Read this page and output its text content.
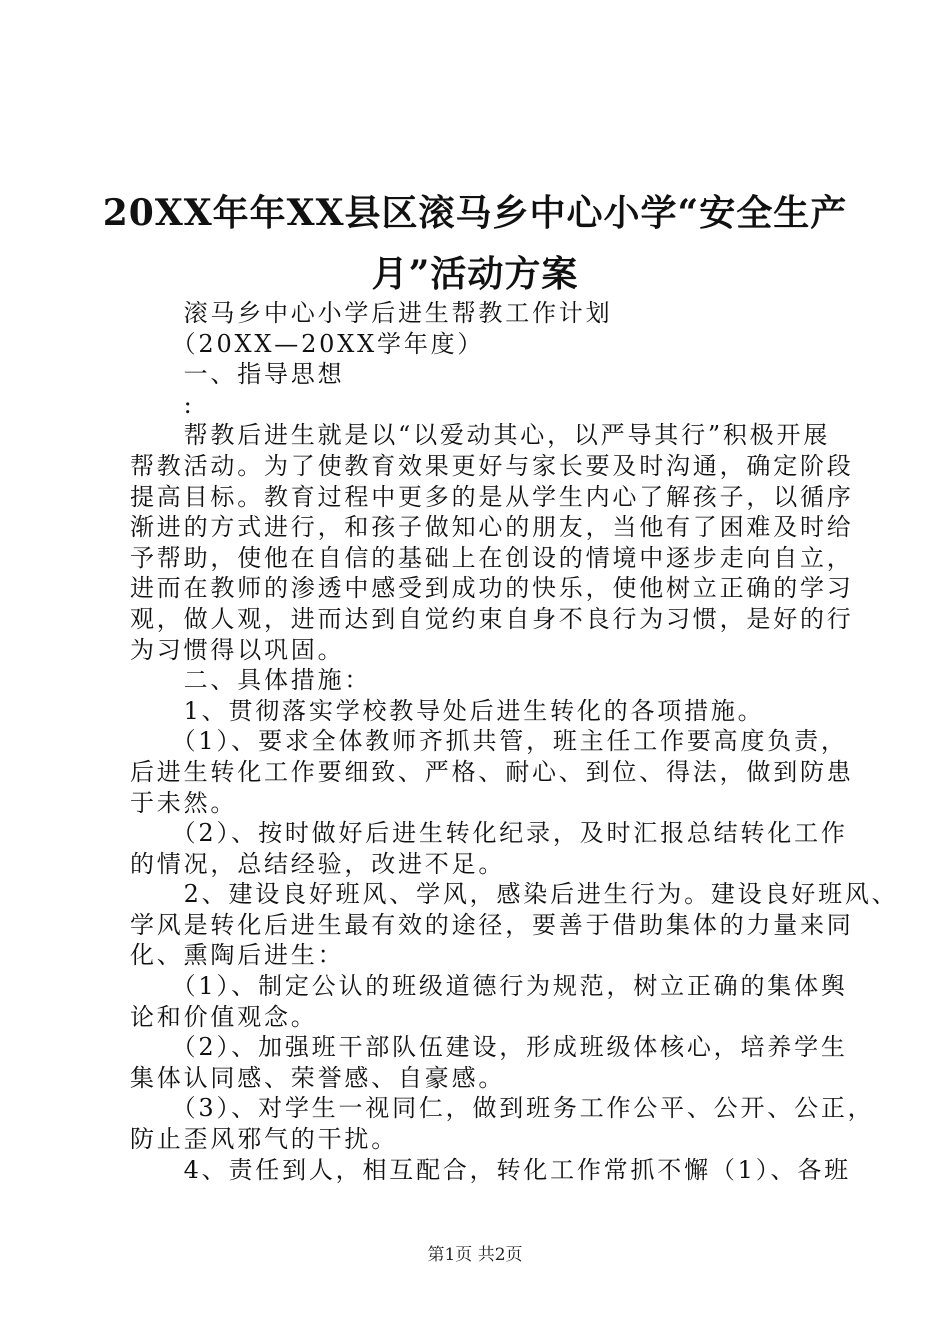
20XX年年XX县区滚马乡中心小学“安全生产
月”活动方案
　　滚马乡中心小学后进生帮教工作计划
　　（20XX—20XX学年度）
　　一、指导思想
　　:
　　帮教后进生就是以“以爱动其心，以严导其行”积极开展
帮教活动。为了使教育效果更好与家长要及时沟通，确定阶段
提高目标。教育过程中更多的是从学生内心了解孩子，以循序
渐进的方式进行，和孩子做知心的朋友，当他有了困难及时给
予帮助，使他在自信的基础上在创设的情境中逐步走向自立，
进而在教师的渗透中感受到成功的快乐，使他树立正确的学习
观，做人观，进而达到自觉约束自身不良行为习惯，是好的行
为习惯得以巩固。
　　二、具体措施：
　　1、贯彻落实学校教导处后进生转化的各项措施。
　　（1）、要求全体教师齐抓共管，班主任工作要高度负责，
后进生转化工作要细致、严格、耐心、到位、得法，做到防患
于未然。
　　（2）、按时做好后进生转化纪录，及时汇报总结转化工作
的情况，总结经验，改进不足。
　　2、建设良好班风、学风，感染后进生行为。建设良好班风、
学风是转化后进生最有效的途径，要善于借助集体的力量来同
化、熏陶后进生：
　　（1）、制定公认的班级道德行为规范，树立正确的集体舆
论和价值观念。
　　（2）、加强班干部队伍建设，形成班级体核心，培养学生
集体认同感、荣誉感、自豪感。
　　（3）、对学生一视同仁，做到班务工作公平、公开、公正，
防止歪风邪气的干扰。
　　4、责任到人，相互配合，转化工作常抓不懈（1）、各班
第1页 共2页
